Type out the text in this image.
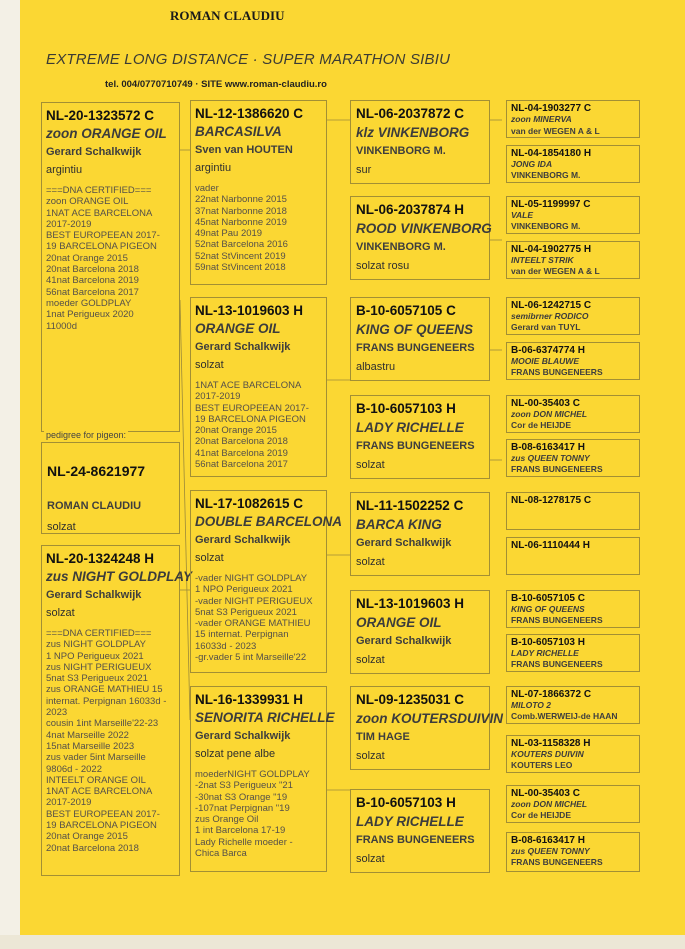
ROMAN CLAUDIU
EXTREME LONG DISTANCE · SUPER MARATHON SIBIU
tel. 004/0770710749 · SITE www.roman-claudiu.ro
NL-20-1323572 C
zoon ORANGE OIL
Gerard Schalkwijk
argintiu
===DNA CERTIFIED===
zoon ORANGE OIL
1NAT ACE BARCELONA
2017-2019
BEST EUROPEEAN 2017-
19 BARCELONA PIGEON
20nat Orange 2015
20nat Barcelona 2018
41nat Barcelona 2019
56nat Barcelona 2017
moeder GOLDPLAY
1nat Perigueux 2020
11000d
NL-24-8621977
ROMAN CLAUDIU
solzat
pedigree for pigeon:
NL-20-1324248 H
zus NIGHT GOLDPLAY
Gerard Schalkwijk
solzat
===DNA CERTIFIED===
zus NIGHT GOLDPLAY
1 NPO Perigueux 2021
zus NIGHT PERIGUEUX
5nat S3 Perigueux 2021
zus ORANGE MATHIEU 15
internat. Perpignan 16033d -
2023
cousin 1int Marseille'22-23
4nat Marseille 2022
15nat Marseille 2023
zus vader 5int Marseille
9806d - 2022
INTEELT ORANGE OIL
1NAT ACE BARCELONA
2017-2019
BEST EUROPEEAN 2017-
19 BARCELONA PIGEON
20nat Orange 2015
20nat Barcelona 2018
NL-12-1386620 C
BARCASILVA
Sven van HOUTEN
argintiu
vader
22nat Narbonne 2015
37nat Narbonne 2018
45nat Narbonne 2019
49nat Pau 2019
52nat Barcelona 2016
52nat StVincent 2019
59nat StVincent 2018
NL-13-1019603 H
ORANGE OIL
Gerard Schalkwijk
solzat
1NAT ACE BARCELONA
2017-2019
BEST EUROPEEAN 2017-
19 BARCELONA PIGEON
20nat Orange 2015
20nat Barcelona 2018
41nat Barcelona 2019
56nat Barcelona 2017
NL-17-1082615 C
DOUBLE BARCELONA
Gerard Schalkwijk
solzat
-vader NIGHT GOLDPLAY
1 NPO Perigueux 2021
-vader NIGHT PERIGUEUX
5nat S3 Perigueux 2021
-vader ORANGE MATHIEU
15 internat. Perpignan
16033d - 2023
-gr.vader 5 int Marseille'22
NL-16-1339931 H
SENORITA RICHELLE
Gerard Schalkwijk
solzat pene albe
moederNIGHT GOLDPLAY
-2nat S3 Perigueux "21
-30nat S3 Orange "19
-107nat Perpignan "19
zus Orange Oil
1 int Barcelona 17-19
Lady Richelle moeder -
Chica Barca
NL-06-2037872 C
klz VINKENBORG
VINKENBORG M.
sur
NL-06-2037874 H
ROOD VINKENBORG
VINKENBORG M.
solzat rosu
B-10-6057105 C
KING OF QUEENS
FRANS BUNGENEERS
albastru
B-10-6057103 H
LADY RICHELLE
FRANS BUNGENEERS
solzat
NL-11-1502252 C
BARCA KING
Gerard Schalkwijk
solzat
NL-13-1019603 H
ORANGE OIL
Gerard Schalkwijk
solzat
NL-09-1235031 C
zoon KOUTERSDUIVIN
TIM HAGE
solzat
B-10-6057103 H
LADY RICHELLE
FRANS BUNGENEERS
solzat
NL-04-1903277 C
zoon MINERVA
van der WEGEN A & L
NL-04-1854180 H
JONG IDA
VINKENBORG M.
NL-05-1199997 C
VALE
VINKENBORG M.
NL-04-1902775 H
INTEELT STRIK
van der WEGEN A & L
NL-06-1242715 C
semibrner RODICO
Gerard van TUYL
B-06-6374774 H
MOOIE BLAUWE
FRANS BUNGENEERS
NL-00-35403 C
zoon DON MICHEL
Cor de HEIJDE
B-08-6163417 H
zus QUEEN TONNY
FRANS BUNGENEERS
NL-08-1278175 C
NL-06-1110444 H
B-10-6057105 C
KING OF QUEENS
FRANS BUNGENEERS
B-10-6057103 H
LADY RICHELLE
FRANS BUNGENEERS
NL-07-1866372 C
MILOTO 2
Comb.WERWEIJ-de HAAN
NL-03-1158328 H
KOUTERS DUIVIN
KOUTERS LEO
NL-00-35403 C
zoon DON MICHEL
Cor de HEIJDE
B-08-6163417 H
zus QUEEN TONNY
FRANS BUNGENEERS
